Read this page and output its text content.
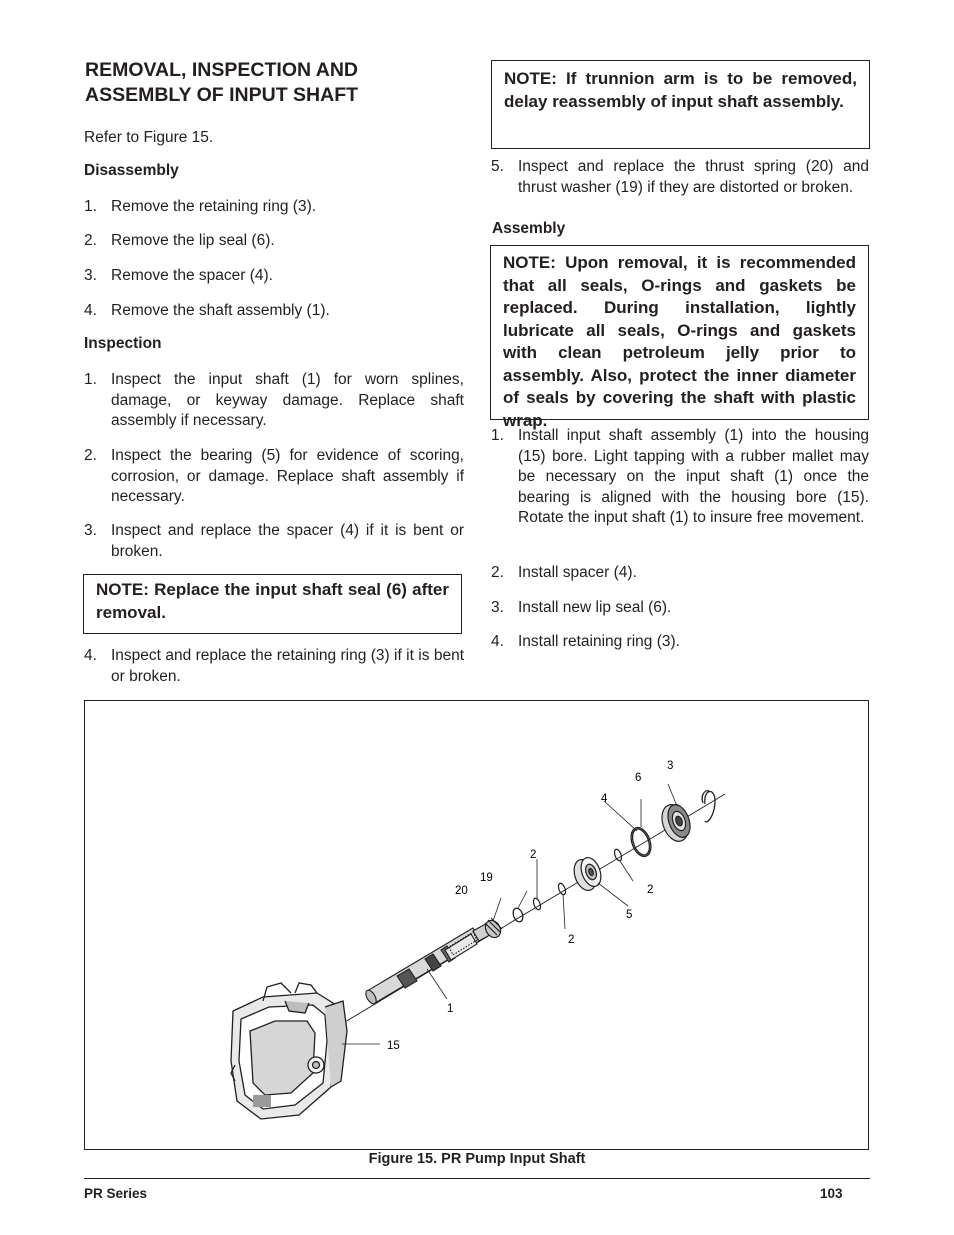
REMOVAL, INSPECTION AND
ASSEMBLY OF INPUT SHAFT
Refer to Figure 15.
Disassembly
1. Remove the retaining ring (3).
2. Remove the lip seal (6).
3. Remove the spacer (4).
4. Remove the shaft assembly (1).
Inspection
1. Inspect the input shaft (1) for worn splines, damage, or keyway damage. Replace shaft assembly if necessary.
2. Inspect the bearing (5) for evidence of scoring, corrosion, or damage. Replace shaft assembly if necessary.
3. Inspect and replace the spacer (4) if it is bent or broken.
NOTE: Replace the input shaft seal (6) after removal.
4. Inspect and replace the retaining ring (3) if it is bent or broken.
NOTE: If trunnion arm is to be removed, delay reassembly of input shaft assembly.
5. Inspect and replace the thrust spring (20) and thrust washer (19) if they are distorted or broken.
Assembly
NOTE: Upon removal, it is recommended that all seals, O-rings and gaskets be replaced. During installation, lightly lubricate all seals, O-rings and gaskets with clean petroleum jelly prior to assembly. Also, protect the inner diameter of seals by covering the shaft with plastic wrap.
1. Install input shaft assembly (1) into the housing (15) bore. Light tapping with a rubber mallet may be necessary on the input shaft (1) once the bearing is aligned with the housing bore (15). Rotate the input shaft (1) to insure free movement.
2. Install spacer (4).
3. Install new lip seal (6).
4. Install retaining ring (3).
3
6
4
2
2
19
20
5
2
1
15
Figure 15. PR Pump Input Shaft
PR Series	103
